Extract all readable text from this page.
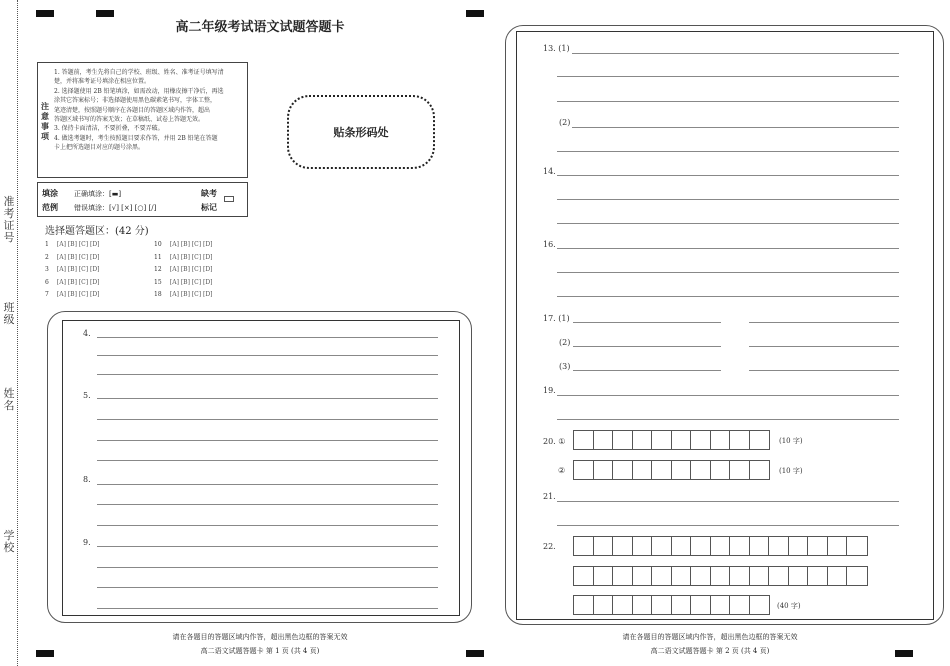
准考证号
班级
姓名
学校
高二年级考试语文试题答题卡
注意事项
1. 答题前，考生先将自己的学校、班级、姓名、准考证号填写清
楚，并将准考证号填涂在相应位置。
2. 选择题使用 2B 铅笔填涂，如需改动，用橡皮擦干净后，再选
涂其它答案标号；非选择题使用黑色碳素笔书写，字体工整，
笔迹清楚，按照题号顺序在各题目的答题区域内作答，超出
答题区域书写的答案无效；在草稿纸、试卷上答题无效。
3. 保持卡面清洁，不要折叠，不要弄破。
4. 做选考题时，考生按照题目要求作答，并用 2B 铅笔在答题
卡上把所选题目对应的题号涂黑。
贴条形码处
填涂
范例
正确填涂：[▬]
错误填涂：[√] [×] [○] [/]
缺考
标记
选择题答题区：(42 分)
1 [A] [B] [C] [D]
2 [A] [B] [C] [D]
3 [A] [B] [C] [D]
6 [A] [B] [C] [D]
7 [A] [B] [C] [D]
10 [A] [B] [C] [D]
11 [A] [B] [C] [D]
12 [A] [B] [C] [D]
15 [A] [B] [C] [D]
18 [A] [B] [C] [D]
4.
5.
8.
9.
请在各题目的答题区域内作答，超出黑色边框的答案无效
高二语文试题答题卡 第 1 页 (共 4 页)
13. (1)
(2)
14.
16.
17. (1)
(2)
(3)
19.
20. ①	(10 字)
②	(10 字)
21.
22.
(40 字)
请在各题目的答题区域内作答，超出黑色边框的答案无效
高二语文试题答题卡 第 2 页 (共 4 页)
